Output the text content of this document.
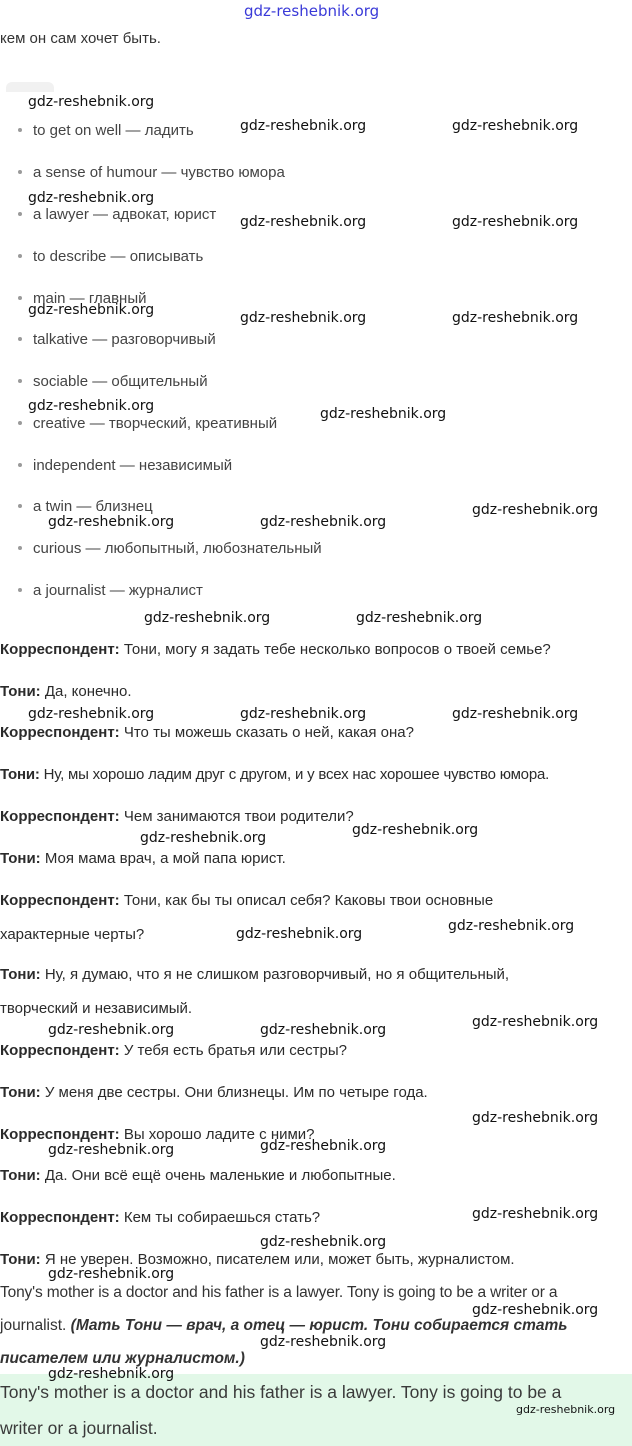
gdz-reshebnik.org
кем он сам хочет быть.
to get on well — ладить
a sense of humour — чувство юмора
a lawyer — адвокат, юрист
to describe — описывать
main — главный
talkative — разговорчивый
sociable — общительный
creative — творческий, креативный
independent — независимый
a twin — близнец
curious — любопытный, любознательный
a journalist — журналист
Корреспондент: Тони, могу я задать тебе несколько вопросов о твоей семье?
Тони: Да, конечно.
Корреспондент: Что ты можешь сказать о ней, какая она?
Тони: Ну, мы хорошо ладим друг с другом, и у всех нас хорошее чувство юмора.
Корреспондент: Чем занимаются твои родители?
Тони: Моя мама врач, а мой папа юрист.
Корреспондент: Тони, как бы ты описал себя? Каковы твои основные
характерные черты?
Тони: Ну, я думаю, что я не слишком разговорчивый, но я общительный,
творческий и независимый.
Корреспондент: У тебя есть братья или сестры?
Тони: У меня две сестры. Они близнецы. Им по четыре года.
Корреспондент: Вы хорошо ладите с ними?
Тони: Да. Они всё ещё очень маленькие и любопытные.
Корреспондент: Кем ты собираешься стать?
Тони: Я не уверен. Возможно, писателем или, может быть, журналистом.
Tony's mother is a doctor and his father is a lawyer. Tony is going to be a writer or a
journalist. (Мать Тони — врач, а отец — юрист. Тони собирается стать
писателем или журналистом.)
Tony's mother is a doctor and his father is a lawyer. Tony is going to be a
writer or a journalist.
gdz-reshebnik.org
gdz-reshebnik.org	gdz-reshebnik.org
gdz-reshebnik.org
gdz-reshebnik.org	gdz-reshebnik.org
gdz-reshebnik.org	gdz-reshebnik.org	gdz-reshebnik.org
gdz-reshebnik.org	gdz-reshebnik.org
gdz-reshebnik.org
gdz-reshebnik.org	gdz-reshebnik.org
gdz-reshebnik.org	gdz-reshebnik.org
gdz-reshebnik.org	gdz-reshebnik.org	gdz-reshebnik.org
gdz-reshebnik.org
gdz-reshebnik.org
gdz-reshebnik.org
gdz-reshebnik.org
gdz-reshebnik.org
gdz-reshebnik.org	gdz-reshebnik.org
gdz-reshebnik.org
gdz-reshebnik.org
gdz-reshebnik.org
gdz-reshebnik.org
gdz-reshebnik.org
gdz-reshebnik.org
gdz-reshebnik.org
gdz-reshebnik.org
gdz-reshebnik.org
gdz-reshebnik.org
